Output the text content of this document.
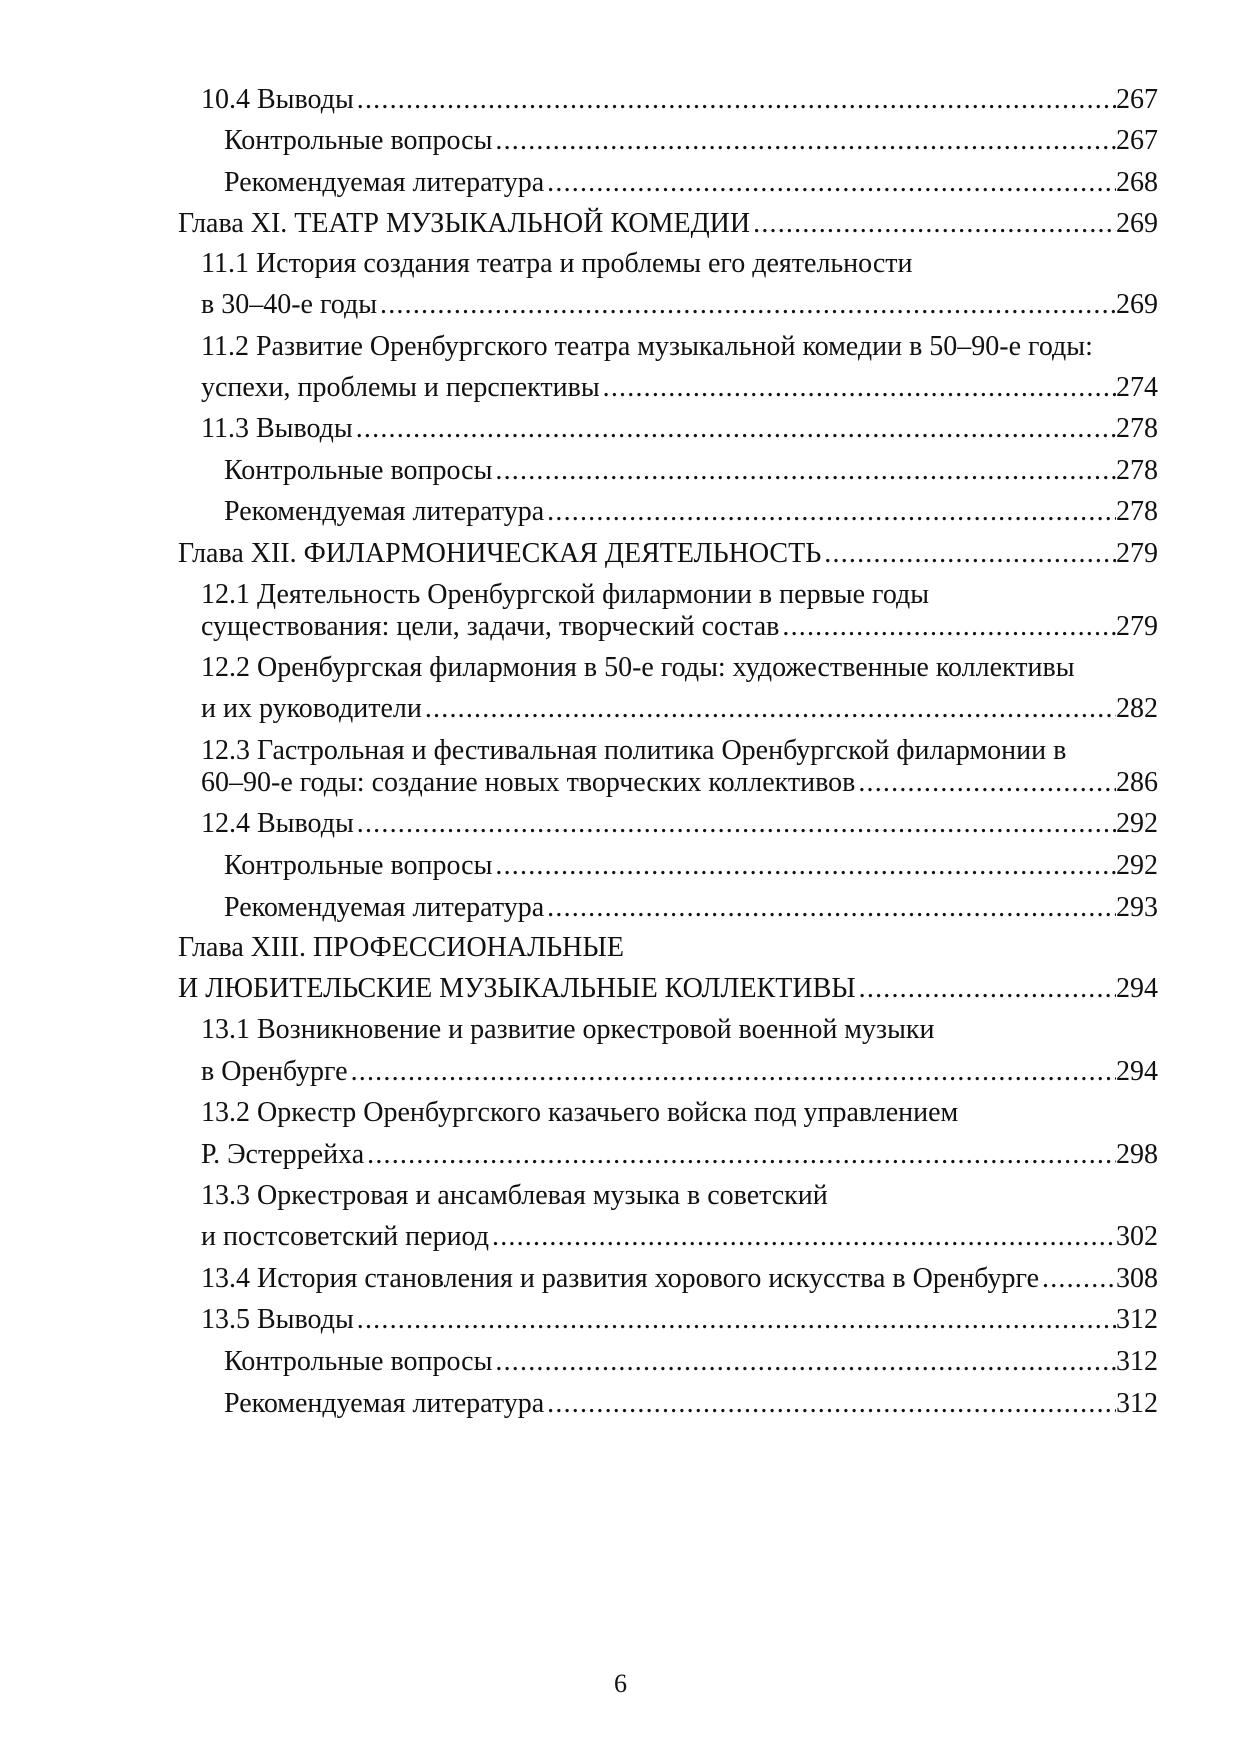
10.4 Выводы .....	267
Контрольные вопросы .....	267
Рекомендуемая литература .....	268
Глава XI. ТЕАТР МУЗЫКАЛЬНОЙ КОМЕДИИ .....	269
11.1 История создания театра и проблемы его деятельности
в 30–40-е годы .....	269
11.2 Развитие Оренбургского театра музыкальной комедии в 50–90-е годы:
успехи, проблемы и перспективы .....	274
11.3 Выводы .....	278
Контрольные вопросы .....	278
Рекомендуемая литература .....	278
Глава XII. ФИЛАРМОНИЧЕСКАЯ ДЕЯТЕЛЬНОСТЬ .....	279
12.1 Деятельность Оренбургской филармонии в первые годы
существования: цели, задачи, творческий состав .....	279
12.2 Оренбургская филармония в 50-е годы: художественные коллективы
и их руководители .....	282
12.3 Гастрольная и фестивальная политика Оренбургской филармонии в
60–90-е годы: создание новых творческих коллективов .....	286
12.4 Выводы .....	292
Контрольные вопросы .....	292
Рекомендуемая литература .....	293
Глава XIII. ПРОФЕССИОНАЛЬНЫЕ
И ЛЮБИТЕЛЬСКИЕ МУЗЫКАЛЬНЫЕ КОЛЛЕКТИВЫ .....	294
13.1 Возникновение и развитие оркестровой военной музыки
в Оренбурге .....	294
13.2 Оркестр Оренбургского казачьего войска под управлением
Р. Эстеррейха .....	298
13.3 Оркестровая и ансамблевая музыка в советский
и постсоветский период .....	302
13.4 История становления и развития хорового искусства в Оренбурге .....	308
13.5 Выводы .....	312
Контрольные вопросы .....	312
Рекомендуемая литература .....	312
6
